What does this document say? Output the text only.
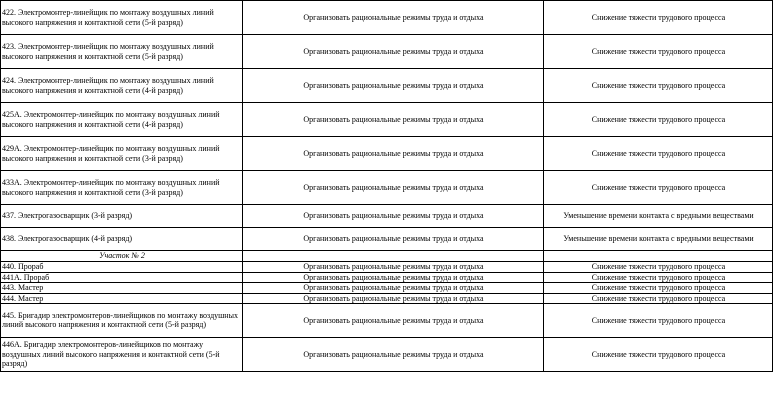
422. Электромонтер-линейщик по монтажу воздушных линий высокого напряжения и контактной сети (5-й разряд)	Организовать рациональные режимы труда и отдыха	Снижение тяжести трудового процесса
423. Электромонтер-линейщик по монтажу воздушных линий высокого напряжения и контактной сети (5-й разряд)	Организовать рациональные режимы труда и отдыха	Снижение тяжести трудового процесса
424. Электромонтер-линейщик по монтажу воздушных линий высокого напряжения и контактной сети (4-й разряд)	Организовать рациональные режимы труда и отдыха	Снижение тяжести трудового процесса
425А. Электромонтер-линейщик по монтажу воздушных линий высокого напряжения и контактной сети (4-й разряд)	Организовать рациональные режимы труда и отдыха	Снижение тяжести трудового процесса
429А. Электромонтер-линейщик по монтажу воздушных линий высокого напряжения и контактной сети (3-й разряд)	Организовать рациональные режимы труда и отдыха	Снижение тяжести трудового процесса
433А. Электромонтер-линейщик по монтажу воздушных линий высокого напряжения и контактной сети (3-й разряд)	Организовать рациональные режимы труда и отдыха	Снижение тяжести трудового процесса
437. Электрогазосварщик (3-й разряд)	Организовать рациональные режимы труда и отдыха	Уменьшение времени контакта с вредными веществами
438. Электрогазосварщик (4-й разряд)	Организовать рациональные режимы труда и отдыха	Уменьшение времени контакта с вредными веществами
Участок № 2		
440. Прораб	Организовать рациональные режимы труда и отдыха	Снижение тяжести трудового процесса
441А. Прораб	Организовать рациональные режимы труда и отдыха	Снижение тяжести трудового процесса
443. Мастер	Организовать рациональные режимы труда и отдыха	Снижение тяжести трудового процесса
444. Мастер	Организовать рациональные режимы труда и отдыха	Снижение тяжести трудового процесса
445. Бригадир электромонтеров-линейщиков по монтажу воздушных линий высокого напряжения и контактной сети (5-й разряд)	Организовать рациональные режимы труда и отдыха	Снижение тяжести трудового процесса
446А. Бригадир электромонтеров-линейщиков по монтажу воздушных линий высокого напряжения и контактной сети (5-й разряд)	Организовать рациональные режимы труда и отдыха	Снижение тяжести трудового процесса
